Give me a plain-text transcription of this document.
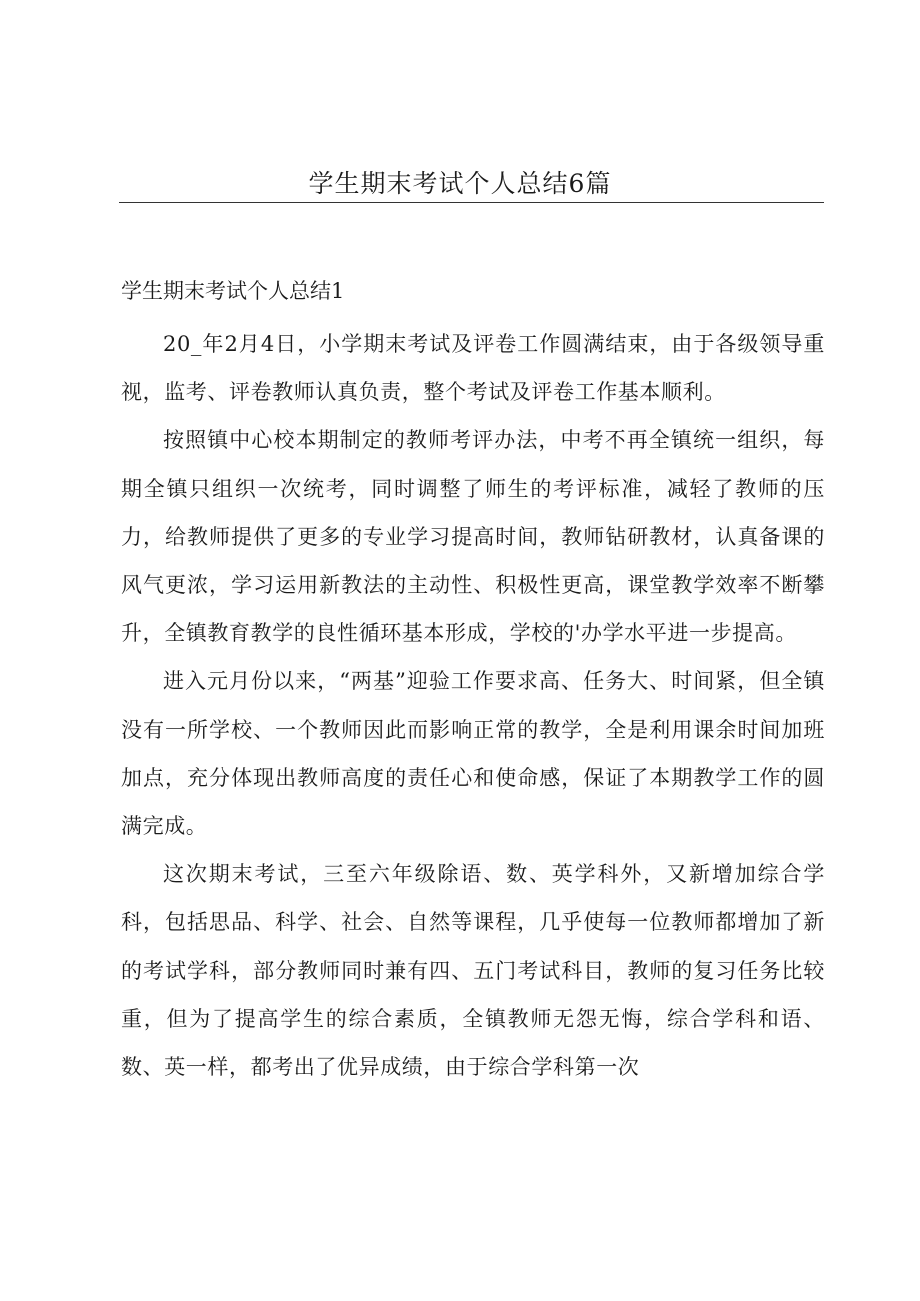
学生期末考试个人总结6篇
学生期末考试个人总结1

20_年2月4日，小学期末考试及评卷工作圆满结束，由于各级领导重视，监考、评卷教师认真负责，整个考试及评卷工作基本顺利。

按照镇中心校本期制定的教师考评办法，中考不再全镇统一组织，每期全镇只组织一次统考，同时调整了师生的考评标准，减轻了教师的压力，给教师提供了更多的专业学习提高时间，教师钻研教材，认真备课的风气更浓，学习运用新教法的主动性、积极性更高，课堂教学效率不断攀升，全镇教育教学的良性循环基本形成，学校的'办学水平进一步提高。

进入元月份以来，“两基”迎验工作要求高、任务大、时间紧，但全镇没有一所学校、一个教师因此而影响正常的教学，全是利用课余时间加班加点，充分体现出教师高度的责任心和使命感，保证了本期教学工作的圆满完成。

这次期末考试，三至六年级除语、数、英学科外，又新增加综合学科，包括思品、科学、社会、自然等课程，几乎使每一位教师都增加了新的考试学科，部分教师同时兼有四、五门考试科目，教师的复习任务比较重，但为了提高学生的综合素质，全镇教师无怨无悔，综合学科和语、数、英一样，都考出了优异成绩，由于综合学科第一次
